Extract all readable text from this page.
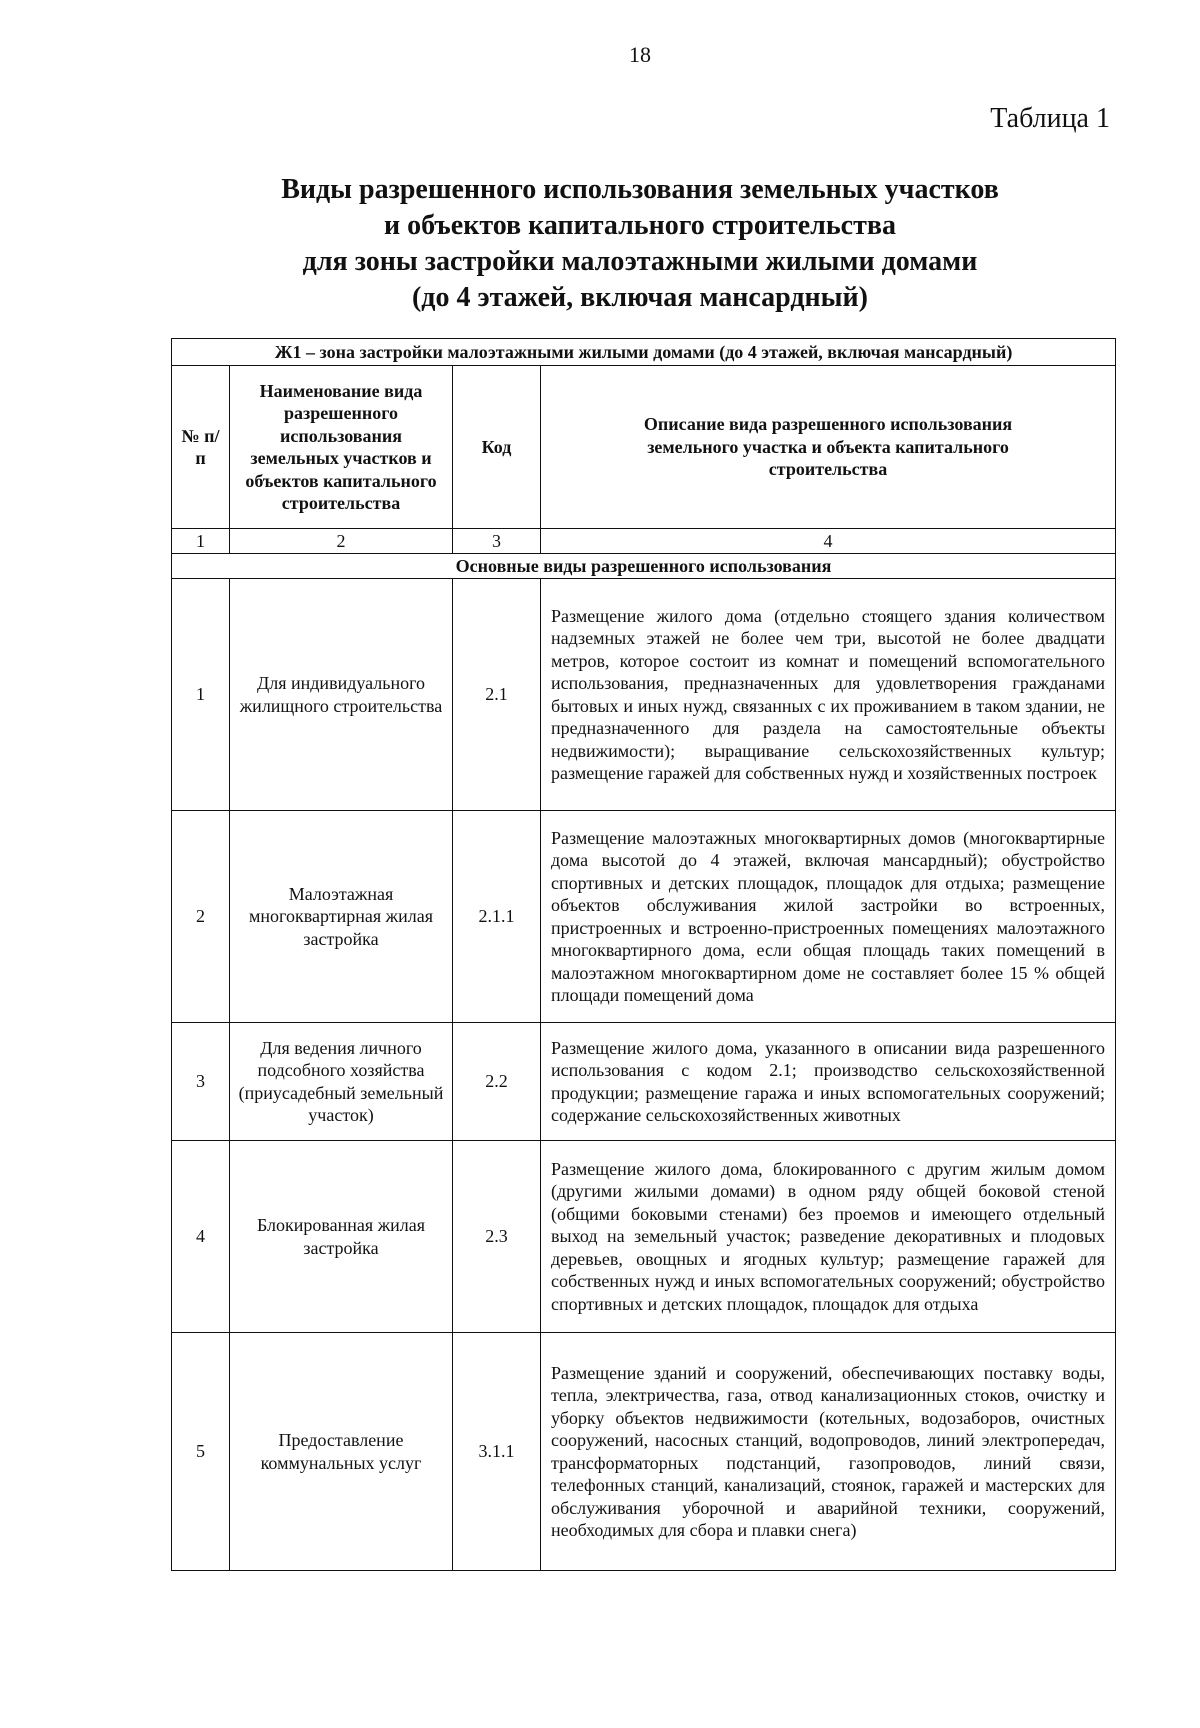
18
Таблица 1
Виды разрешенного использования земельных участков
и объектов капитального строительства
для зоны застройки малоэтажными жилыми домами
(до 4 этажей, включая мансардный)
Ж1 – зона застройки малоэтажными жилыми домами (до 4 этажей, включая мансардный)			
№ п/п	Наименование вида разрешенного использования земельных участков и объектов капитального строительства	Код	Описание вида разрешенного использования земельного участка и объекта капитального строительства
1	2	3	4
Основные виды разрешенного использования			
1	Для индивидуального жилищного строительства	2.1	Размещение жилого дома (отдельно стоящего здания количеством надземных этажей не более чем три, высотой не более двадцати метров, которое состоит из комнат и помещений вспомогательного использования, предназначенных для удовлетворения гражданами бытовых и иных нужд, связанных с их проживанием в таком здании, не предназначенного для раздела на самостоятельные объекты недвижимости); выращивание сельскохозяйственных культур; размещение гаражей для собственных нужд и хозяйственных построек
2	Малоэтажная многоквартирная жилая застройка	2.1.1	Размещение малоэтажных многоквартирных домов (многоквартирные дома высотой до 4 этажей, включая мансардный); обустройство спортивных и детских площадок, площадок для отдыха; размещение объектов обслуживания жилой застройки во встроенных, пристроенных и встроенно-пристроенных помещениях малоэтажного многоквартирного дома, если общая площадь таких помещений в малоэтажном многоквартирном доме не составляет более 15 % общей площади помещений дома
3	Для ведения личного подсобного хозяйства (приусадебный земельный участок)	2.2	Размещение жилого дома, указанного в описании вида разрешенного использования с кодом 2.1; производство сельскохозяйственной продукции; размещение гаража и иных вспомогательных сооружений; содержание сельскохозяйственных животных
4	Блокированная жилая застройка	2.3	Размещение жилого дома, блокированного с другим жилым домом (другими жилыми домами) в одном ряду общей боковой стеной (общими боковыми стенами) без проемов и имеющего отдельный выход на земельный участок; разведение декоративных и плодовых деревьев, овощных и ягодных культур; размещение гаражей для собственных нужд и иных вспомогательных сооружений; обустройство спортивных и детских площадок, площадок для отдыха
5	Предоставление коммунальных услуг	3.1.1	Размещение зданий и сооружений, обеспечивающих поставку воды, тепла, электричества, газа, отвод канализационных стоков, очистку и уборку объектов недвижимости (котельных, водозаборов, очистных сооружений, насосных станций, водопроводов, линий электропередач, трансформаторных подстанций, газопроводов, линий связи, телефонных станций, канализаций, стоянок, гаражей и мастерских для обслуживания уборочной и аварийной техники, сооружений, необходимых для сбора и плавки снега)
